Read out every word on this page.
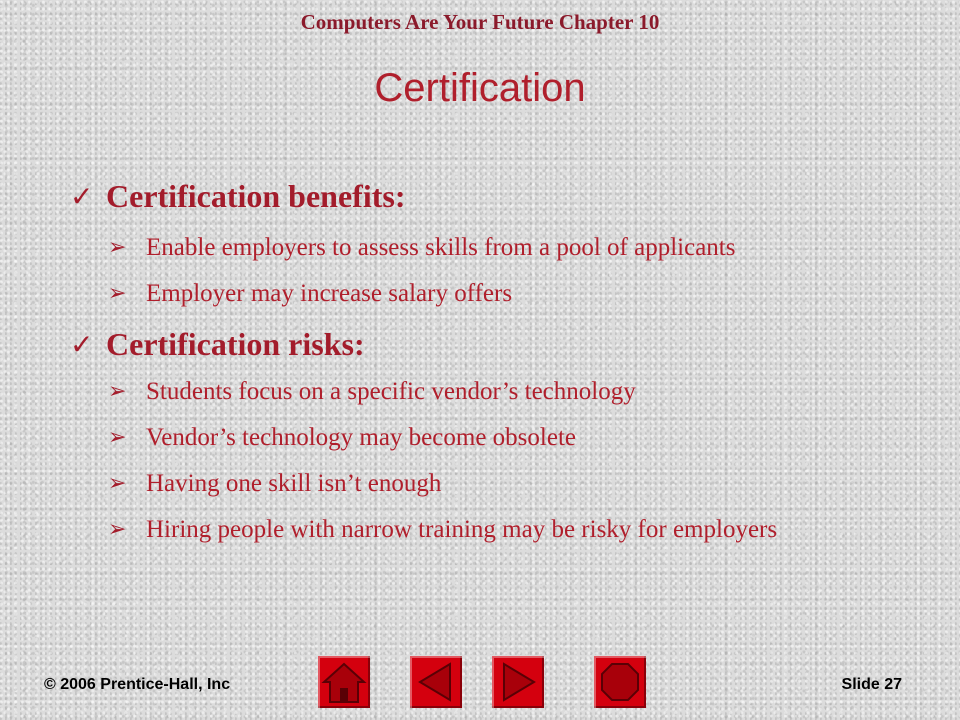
Computers Are Your Future Chapter 10
Certification
✓ Certification benefits:
➢ Enable employers to assess skills from a pool of applicants
➢ Employer may increase salary offers
✓ Certification risks:
➢ Students focus on a specific vendor’s technology
➢ Vendor’s technology may become obsolete
➢ Having one skill isn’t enough
➢ Hiring people with narrow training may be risky for employers
© 2006 Prentice-Hall, Inc	Slide 27
